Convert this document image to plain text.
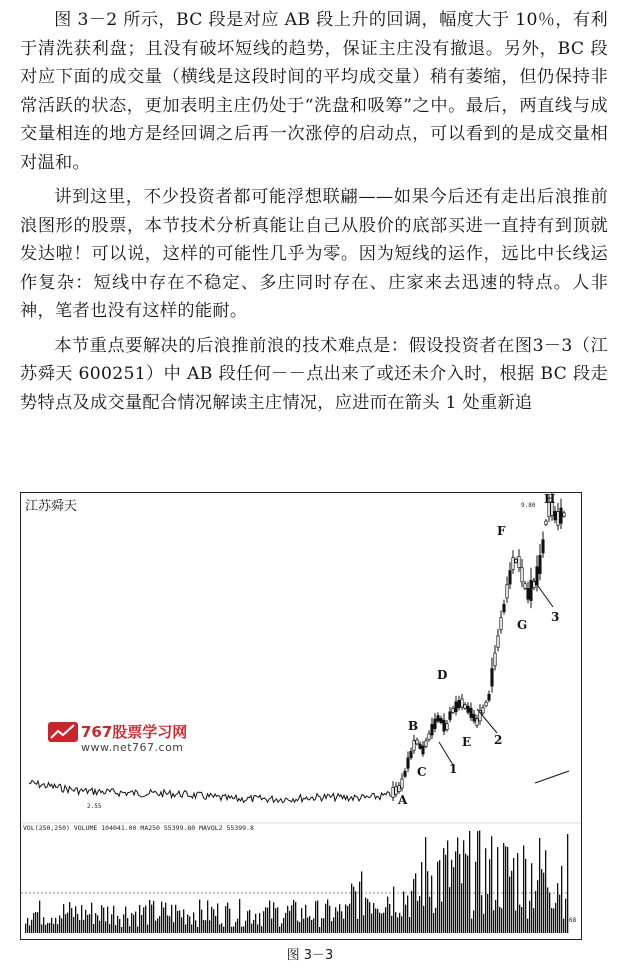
图 3－2 所示，BC 段是对应 AB 段上升的回调，幅度大于 10％，有利于清洗获利盘；且没有破坏短线的趋势，保证主庄没有撤退。另外，BC 段对应下面的成交量（横线是这段时间的平均成交量）稍有萎缩，但仍保持非常活跃的状态，更加表明主庄仍处于“洗盘和吸筹”之中。最后，两直线与成交量相连的地方是经回调之后再一次涨停的启动点，可以看到的是成交量相对温和。

讲到这里，不少投资者都可能浮想联翩——如果今后还有走出后浪推前浪图形的股票，本节技术分析真能让自己从股价的底部买进一直持有到顶就发达啦！可以说，这样的可能性几乎为零。因为短线的运作，远比中长线运作复杂：短线中存在不稳定、多庄同时存在、庄家来去迅速的特点。人非神，笔者也没有这样的能耐。

本节重点要解决的后浪推前浪的技术难点是：假设投资者在图3－3（江苏舜天 600251）中 AB 段任何－－点出来了或还未介入时，根据 BC 段走势特点及成交量配合情况解读主庄情况，应进而在箭头 1 处重新追

江苏舜天	9.80
2.55
767股票学习网
www.net767.com
VOL(250,250) VOLUME 104041.00 MA250 55399.80 MAVOL2 55399.8
68
A
B
C
D
E
F
G
H
1
2
3
图 3－3
